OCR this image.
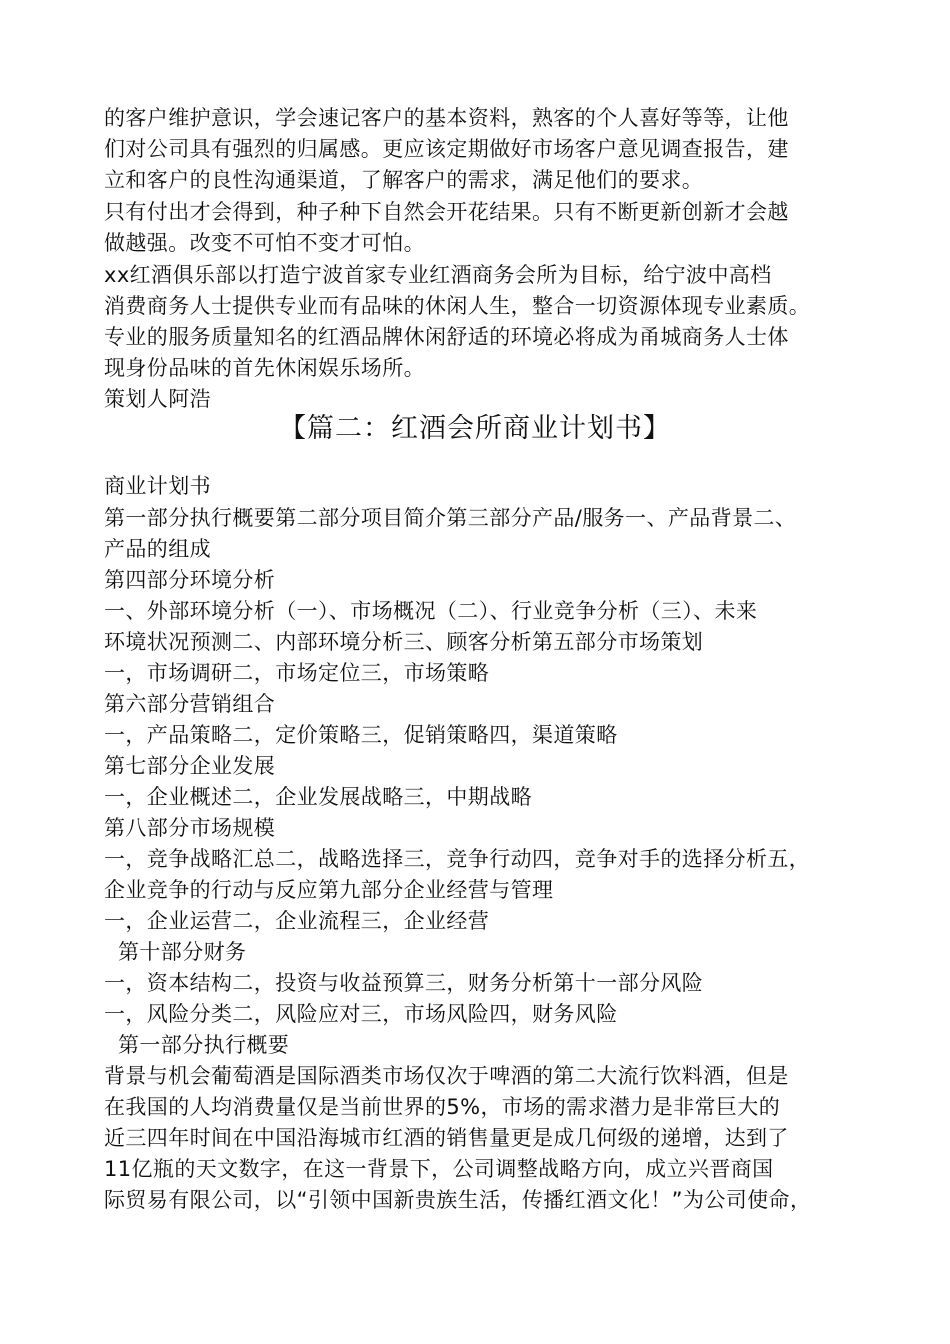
的客户维护意识，学会速记客户的基本资料，熟客的个人喜好等等，让他
们对公司具有强烈的归属感。更应该定期做好市场客户意见调查报告，建
立和客户的良性沟通渠道，了解客户的需求，满足他们的要求。
只有付出才会得到，种子种下自然会开花结果。只有不断更新创新才会越
做越强。改变不可怕不变才可怕。
xx红酒俱乐部以打造宁波首家专业红酒商务会所为目标，给宁波中高档
消费商务人士提供专业而有品味的休闲人生，整合一切资源体现专业素质。
专业的服务质量知名的红酒品牌休闲舒适的环境必将成为甬城商务人士体
现身份品味的首先休闲娱乐场所。
策划人阿浩
【篇二：红酒会所商业计划书】
商业计划书
第一部分执行概要第二部分项目简介第三部分产品/服务一、产品背景二、
产品的组成
第四部分环境分析
一、外部环境分析（一）、市场概况（二）、行业竞争分析（三）、未来
环境状况预测二、内部环境分析三、顾客分析第五部分市场策划
一，市场调研二，市场定位三，市场策略
第六部分营销组合
一，产品策略二，定价策略三，促销策略四，渠道策略
第七部分企业发展
一，企业概述二，企业发展战略三，中期战略
第八部分市场规模
一，竞争战略汇总二，战略选择三，竞争行动四，竞争对手的选择分析五，
企业竞争的行动与反应第九部分企业经营与管理
一，企业运营二，企业流程三，企业经营
第十部分财务
一，资本结构二，投资与收益预算三，财务分析第十一部分风险
一，风险分类二，风险应对三，市场风险四，财务风险
第一部分执行概要
背景与机会葡萄酒是国际酒类市场仅次于啤酒的第二大流行饮料酒，但是
在我国的人均消费量仅是当前世界的5%，市场的需求潜力是非常巨大的
近三四年时间在中国沿海城市红酒的销售量更是成几何级的递增，达到了
11亿瓶的天文数字，在这一背景下，公司调整战略方向，成立兴晋商国
际贸易有限公司，以“引领中国新贵族生活，传播红酒文化！”为公司使命，
